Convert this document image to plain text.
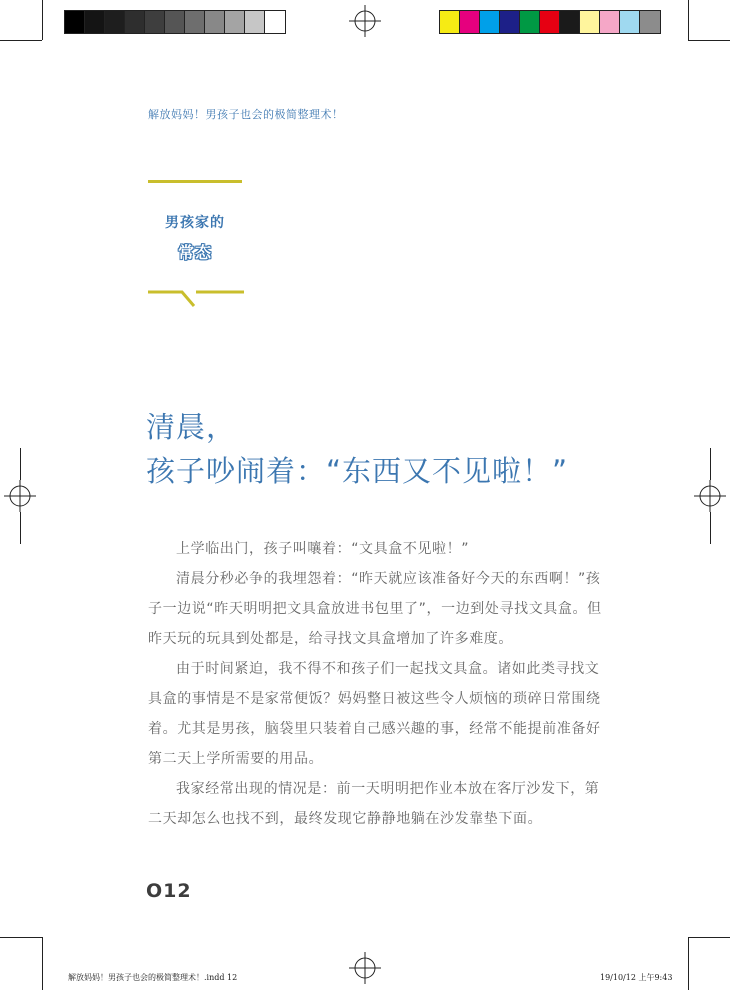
解放妈妈！男孩子也会的极简整理术！
男孩家的
常态
清晨，
孩子吵闹着：“东西又不见啦！”

上学临出门，孩子叫嚷着：“文具盒不见啦！”

清晨分秒必争的我埋怨着：“昨天就应该准备好今天的东西啊！”孩子一边说“昨天明明把文具盒放进书包里了”，一边到处寻找文具盒。但昨天玩的玩具到处都是，给寻找文具盒增加了许多难度。

由于时间紧迫，我不得不和孩子们一起找文具盒。诸如此类寻找文具盒的事情是不是家常便饭？妈妈整日被这些令人烦恼的琐碎日常围绕着。尤其是男孩，脑袋里只装着自己感兴趣的事，经常不能提前准备好第二天上学所需要的用品。

我家经常出现的情况是：前一天明明把作业本放在客厅沙发下，第二天却怎么也找不到，最终发现它静静地躺在沙发靠垫下面。

O12
解放妈妈！男孩子也会的极简整理术！.indd 12	19/10/12 上午9:43
